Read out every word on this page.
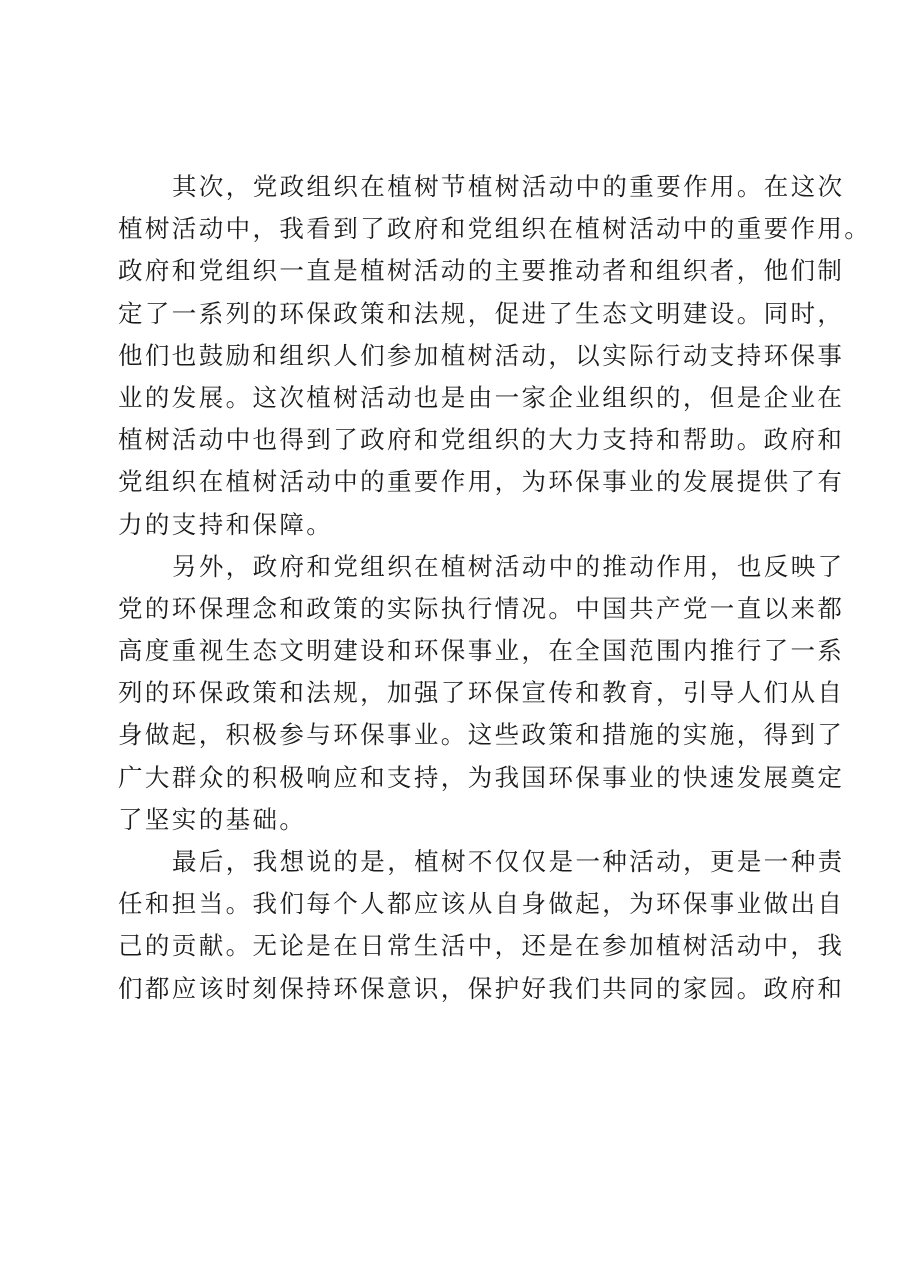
其次，党政组织在植树节植树活动中的重要作用。在这次
植树活动中，我看到了政府和党组织在植树活动中的重要作用。
政府和党组织一直是植树活动的主要推动者和组织者，他们制
定了一系列的环保政策和法规，促进了生态文明建设。同时，
他们也鼓励和组织人们参加植树活动，以实际行动支持环保事
业的发展。这次植树活动也是由一家企业组织的，但是企业在
植树活动中也得到了政府和党组织的大力支持和帮助。政府和
党组织在植树活动中的重要作用，为环保事业的发展提供了有
力的支持和保障。
另外，政府和党组织在植树活动中的推动作用，也反映了
党的环保理念和政策的实际执行情况。中国共产党一直以来都
高度重视生态文明建设和环保事业，在全国范围内推行了一系
列的环保政策和法规，加强了环保宣传和教育，引导人们从自
身做起，积极参与环保事业。这些政策和措施的实施，得到了
广大群众的积极响应和支持，为我国环保事业的快速发展奠定
了坚实的基础。
最后，我想说的是，植树不仅仅是一种活动，更是一种责
任和担当。我们每个人都应该从自身做起，为环保事业做出自
己的贡献。无论是在日常生活中，还是在参加植树活动中，我
们都应该时刻保持环保意识，保护好我们共同的家园。政府和
